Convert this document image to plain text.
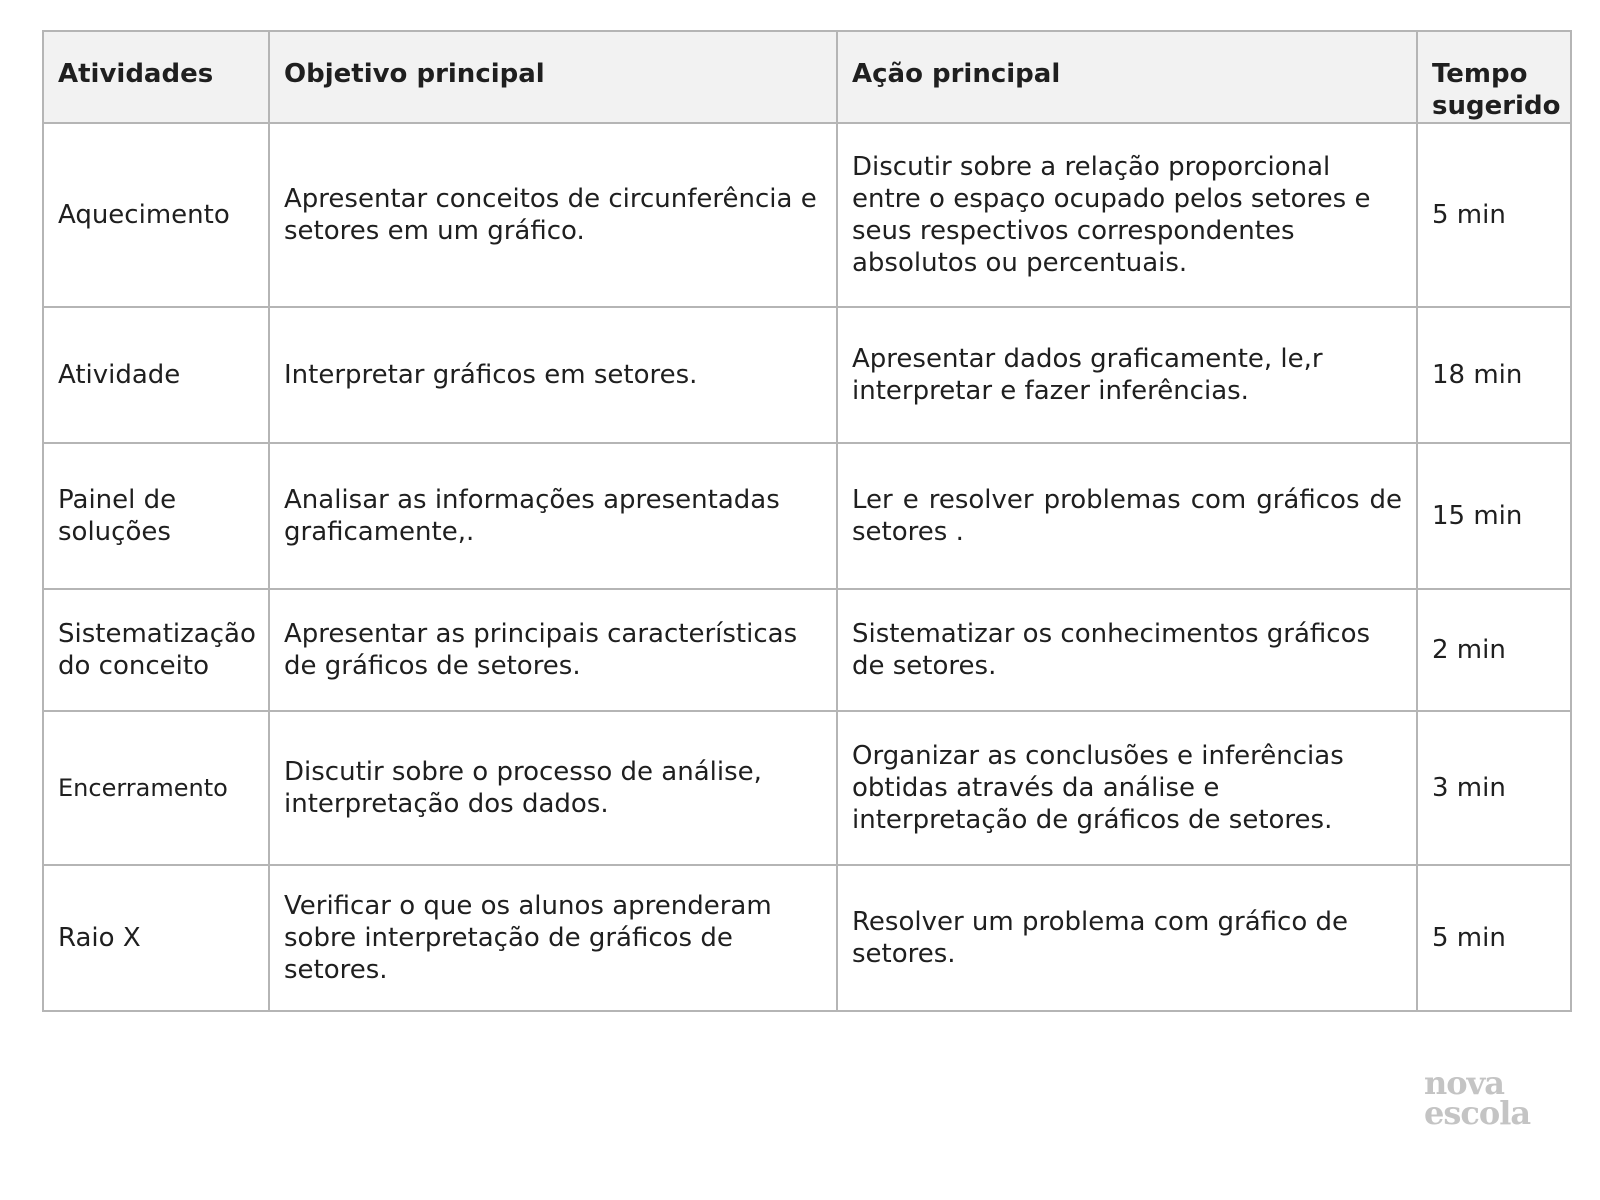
Atividades	Objetivo principal	Ação principal	Tempo sugerido
Aquecimento	Apresentar conceitos de circunferência e setores em um gráfico.	Discutir sobre a relação proporcional entre o espaço ocupado pelos setores e seus respectivos correspondentes absolutos ou percentuais.	5 min
Atividade	Interpretar gráficos em setores.	Apresentar dados graficamente, le,r interpretar e fazer inferências.	18 min
Painel de soluções	Analisar as informações apresentadas graficamente,.	Ler e resolver problemas com gráficos de setores .	15 min
Sistematização do conceito	Apresentar as principais características de gráficos de setores.	Sistematizar os conhecimentos gráficos de setores.	2 min
Encerramento	Discutir sobre o processo de análise, interpretação dos dados.	Organizar as conclusões e inferências obtidas através da análise e interpretação de gráficos de setores.	3 min
Raio X	Verificar o que os alunos aprenderam sobre interpretação de gráficos de setores.	Resolver um problema com gráfico de setores.	5 min
nova
escola
